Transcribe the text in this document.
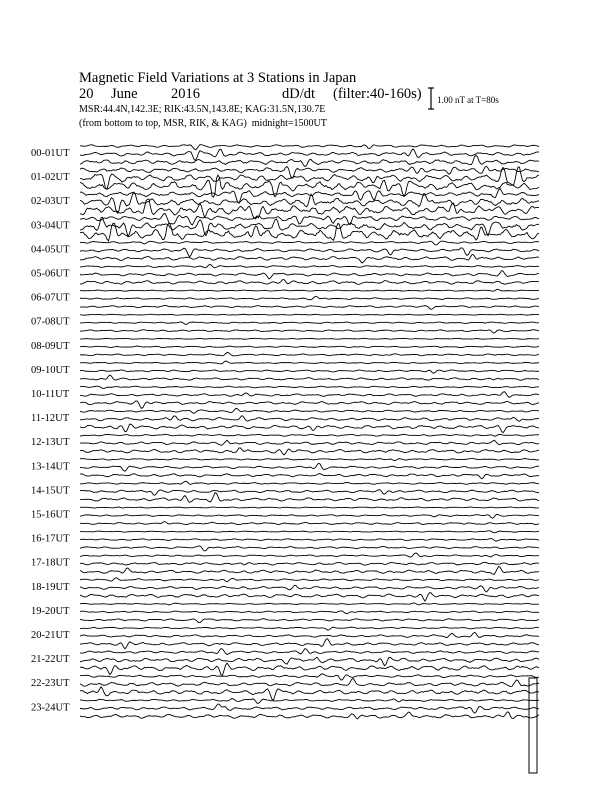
Magnetic Field Variations at 3 Stations in Japan
20 June 2016	dD/dt (filter:40-160s)
MSR:44.4N,142.3E; RIK:43.5N,143.8E; KAG:31.5N,130.7E
(from bottom to top, MSR, RIK, & KAG) midnight=1500UT
1.00 nT at T=80s
00-01UT
01-02UT
02-03UT
03-04UT
04-05UT
05-06UT
06-07UT
07-08UT
08-09UT
09-10UT
10-11UT
11-12UT
12-13UT
13-14UT
14-15UT
15-16UT
16-17UT
17-18UT
18-19UT
19-20UT
20-21UT
21-22UT
22-23UT
23-24UT
